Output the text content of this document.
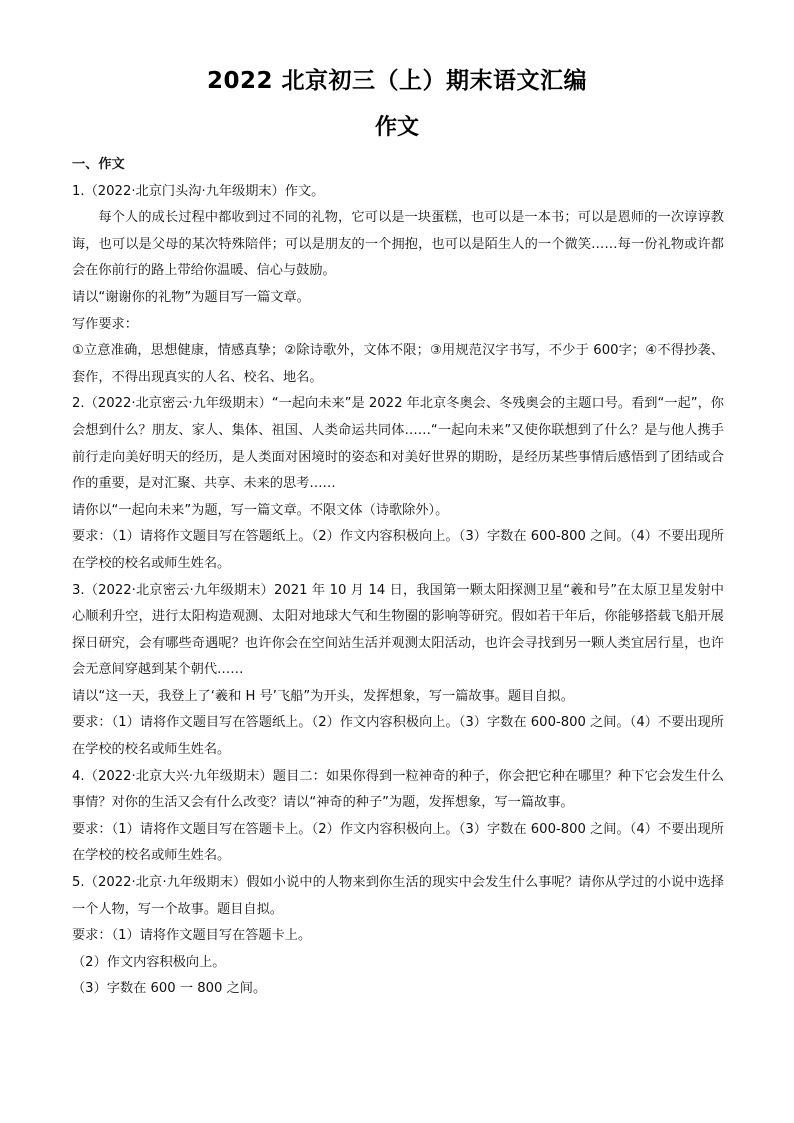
2022 北京初三（上）期末语文汇编
作文

一、作文

1.（2022·北京门头沟·九年级期末）作文。

每个人的成长过程中都收到过不同的礼物，它可以是一块蛋糕，也可以是一本书；可以是恩师的一次谆谆教诲，也可以是父母的某次特殊陪伴；可以是朋友的一个拥抱，也可以是陌生人的一个微笑……每一份礼物或许都会在你前行的路上带给你温暖、信心与鼓励。

请以“谢谢你的礼物”为题目写一篇文章。

写作要求：

①立意准确，思想健康，情感真挚；②除诗歌外，文体不限；③用规范汉字书写，不少于 600字；④不得抄袭、套作，不得出现真实的人名、校名、地名。

2.（2022·北京密云·九年级期末）“一起向未来”是 2022 年北京冬奥会、冬残奥会的主题口号。看到“一起”，你会想到什么？朋友、家人、集体、祖国、人类命运共同体……“一起向未来”又使你联想到了什么？是与他人携手前行走向美好明天的经历，是人类面对困境时的姿态和对美好世界的期盼，是经历某些事情后感悟到了团结或合作的重要，是对汇聚、共享、未来的思考……

请你以“一起向未来”为题，写一篇文章。不限文体（诗歌除外）。

要求：（1）请将作文题目写在答题纸上。（2）作文内容积极向上。（3）字数在 600-800 之间。（4）不要出现所在学校的校名或师生姓名。

3.（2022·北京密云·九年级期末）2021 年 10 月 14 日，我国第一颗太阳探测卫星“羲和号”在太原卫星发射中心顺利升空，进行太阳构造观测、太阳对地球大气和生物圈的影响等研究。假如若干年后，你能够搭载飞船开展探日研究，会有哪些奇遇呢？也许你会在空间站生活并观测太阳活动，也许会寻找到另一颗人类宜居行星，也许会无意间穿越到某个朝代……

请以“这一天，我登上了‘羲和 H 号’飞船”为开头，发挥想象，写一篇故事。题目自拟。

要求：（1）请将作文题目写在答题纸上。（2）作文内容积极向上。（3）字数在 600-800 之间。（4）不要出现所在学校的校名或师生姓名。

4.（2022·北京大兴·九年级期末）题目二：如果你得到一粒神奇的种子，你会把它种在哪里？种下它会发生什么事情？对你的生活又会有什么改变？请以“神奇的种子”为题，发挥想象，写一篇故事。

要求：（1）请将作文题目写在答题卡上。（2）作文内容积极向上。（3）字数在 600-800 之间。（4）不要出现所在学校的校名或师生姓名。

5.（2022·北京·九年级期末）假如小说中的人物来到你生活的现实中会发生什么事呢？请你从学过的小说中选择一个人物，写一个故事。题目自拟。

要求：（1）请将作文题目写在答题卡上。

（2）作文内容积极向上。

（3）字数在 600 一 800 之间。
